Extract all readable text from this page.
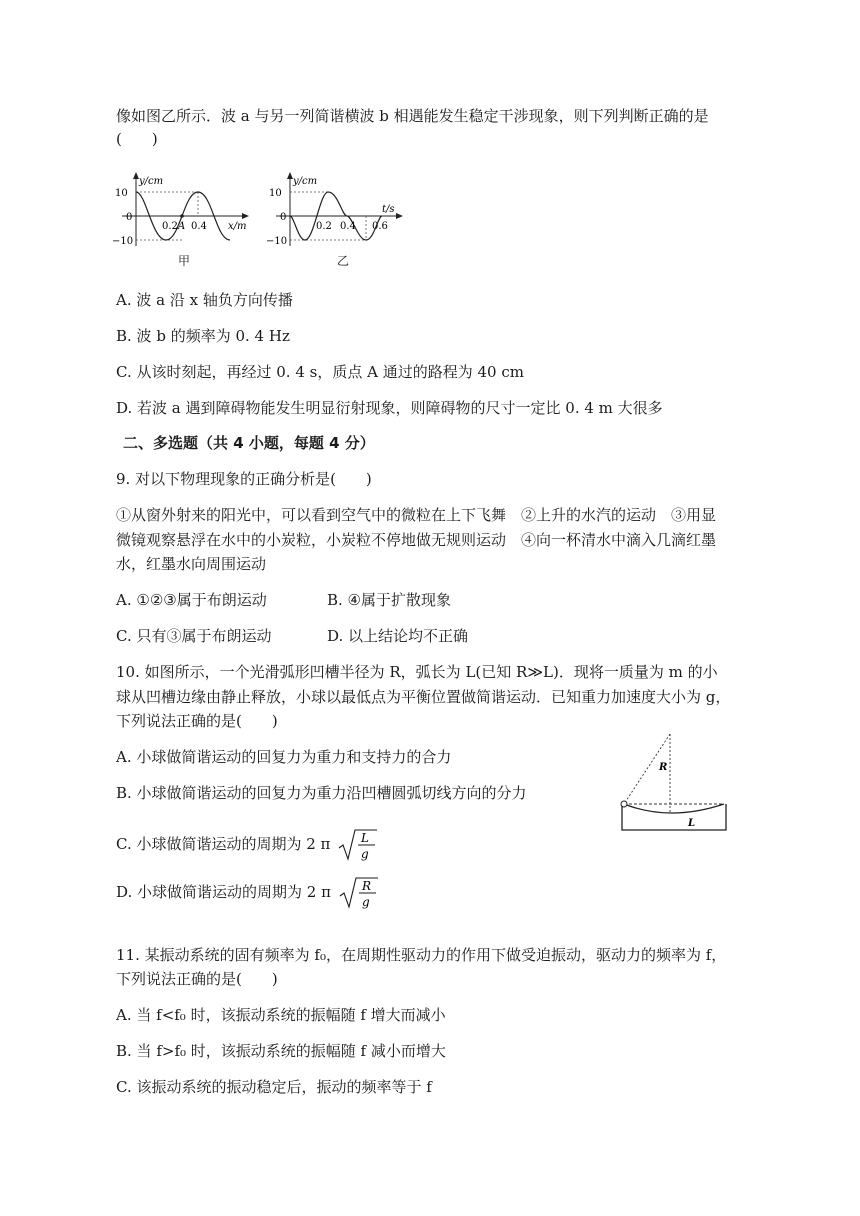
像如图乙所示．波 a 与另一列简谐横波 b 相遇能发生稳定干涉现象，则下列判断正确的是
(　　)
y/cm
10
0
−10
0.2 A 0.4 x/m
甲
y/cm
10
0
−10
0.2 0.4 0.6
t/s
乙
A. 波 a 沿 x 轴负方向传播
B. 波 b 的频率为 0. 4 Hz
C. 从该时刻起，再经过 0. 4 s，质点 A 通过的路程为 40 cm
D. 若波 a 遇到障碍物能发生明显衍射现象，则障碍物的尺寸一定比 0. 4 m 大很多
二、多选题（共 4 小题，每题 4 分）
9. 对以下物理现象的正确分析是(　　)
①从窗外射来的阳光中，可以看到空气中的微粒在上下飞舞　②上升的水汽的运动　③用显
微镜观察悬浮在水中的小炭粒，小炭粒不停地做无规则运动　④向一杯清水中滴入几滴红墨
水，红墨水向周围运动
A. ①②③属于布朗运动	B. ④属于扩散现象
C. 只有③属于布朗运动	D. 以上结论均不正确
10. 如图所示，一个光滑弧形凹槽半径为 R，弧长为 L(已知 R≫L)．现将一质量为 m 的小
球从凹槽边缘由静止释放，小球以最低点为平衡位置做简谐运动．已知重力加速度大小为 g，
下列说法正确的是(　　)
A. 小球做简谐运动的回复力为重力和支持力的合力
B. 小球做简谐运动的回复力为重力沿凹槽圆弧切线方向的分力
C. 小球做简谐运动的周期为 2 π	L
g
D. 小球做简谐运动的周期为 2 π	R
g
R
L
11. 某振动系统的固有频率为 f₀，在周期性驱动力的作用下做受迫振动，驱动力的频率为 f，
下列说法正确的是(　　)
A. 当 f<f₀ 时，该振动系统的振幅随 f 增大而减小
B. 当 f>f₀ 时，该振动系统的振幅随 f 减小而增大
C. 该振动系统的振动稳定后，振动的频率等于 f
